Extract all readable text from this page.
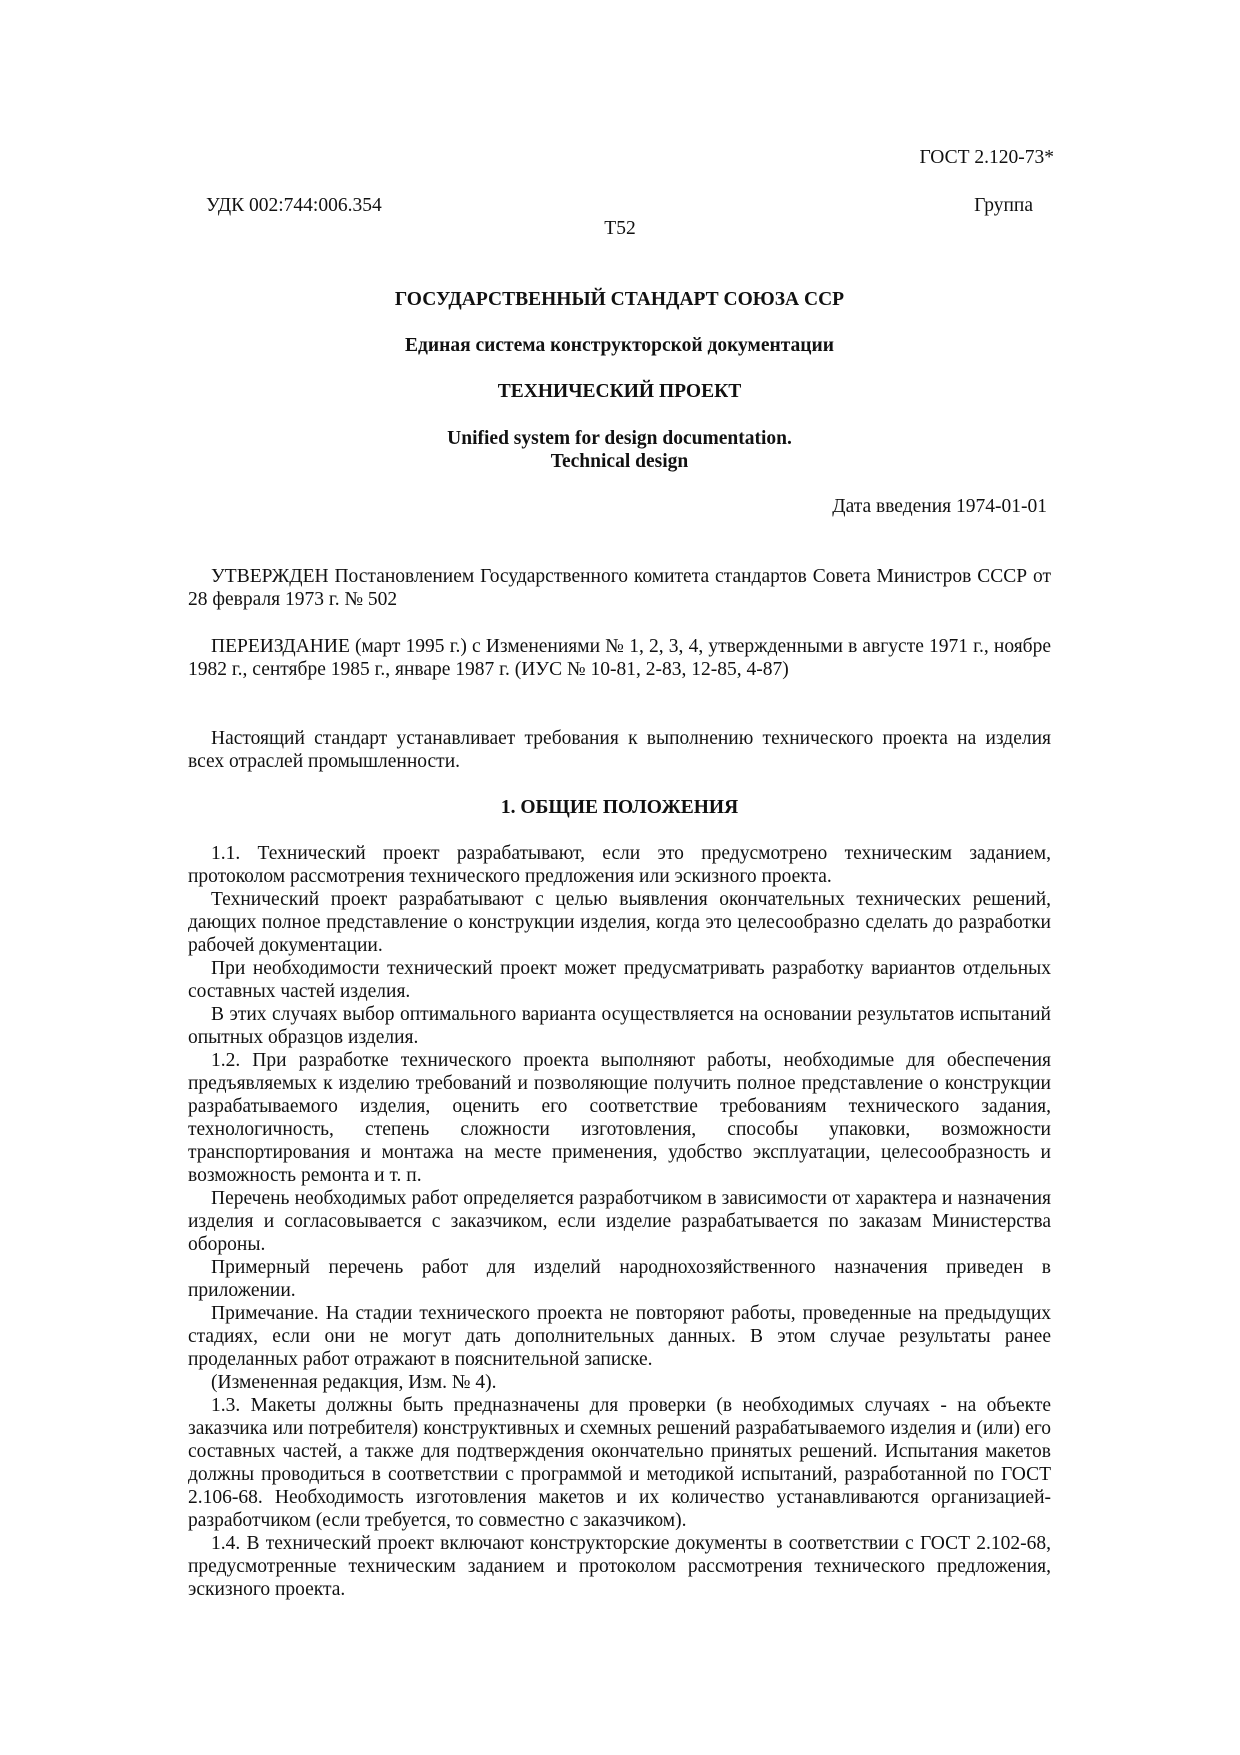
ГОСТ 2.120-73*
УДК 002:744:006.354	Группа
Т52
ГОСУДАРСТВЕННЫЙ СТАНДАРТ СОЮЗА ССР
Единая система конструкторской документации
ТЕХНИЧЕСКИЙ ПРОЕКТ
Unified system for design documentation.
Technical design
Дата введения 1974-01-01

УТВЕРЖДЕН Постановлением Государственного комитета стандартов Совета Министров СССР от 28 февраля 1973 г. № 502

ПЕРЕИЗДАНИЕ (март 1995 г.) с Изменениями № 1, 2, 3, 4, утвержденными в августе 1971 г., ноябре 1982 г., сентябре 1985 г., январе 1987 г. (ИУС № 10-81, 2-83, 12-85, 4-87)

Настоящий стандарт устанавливает требования к выполнению технического проекта на изделия всех отраслей промышленности.

1. ОБЩИЕ ПОЛОЖЕНИЯ

1.1. Технический проект разрабатывают, если это предусмотрено техническим заданием, протоколом рассмотрения технического предложения или эскизного проекта.

Технический проект разрабатывают с целью выявления окончательных технических решений, дающих полное представление о конструкции изделия, когда это целесообразно сделать до разработки рабочей документации.

При необходимости технический проект может предусматривать разработку вариантов отдельных составных частей изделия.

В этих случаях выбор оптимального варианта осуществляется на основании результатов испытаний опытных образцов изделия.

1.2. При разработке технического проекта выполняют работы, необходимые для обеспечения предъявляемых к изделию требований и позволяющие получить полное представление о конструкции разрабатываемого изделия, оценить его соответствие требованиям технического задания, технологичность, степень сложности изготовления, способы упаковки, возможности транспортирования и монтажа на месте применения, удобство эксплуатации, целесообразность и возможность ремонта и т. п.

Перечень необходимых работ определяется разработчиком в зависимости от характера и назначения изделия и согласовывается с заказчиком, если изделие разрабатывается по заказам Министерства обороны.

Примерный перечень работ для изделий народнохозяйственного назначения приведен в приложении.

Примечание. На стадии технического проекта не повторяют работы, проведенные на предыдущих стадиях, если они не могут дать дополнительных данных. В этом случае результаты ранее проделанных работ отражают в пояснительной записке.

(Измененная редакция, Изм. № 4).

1.3. Макеты должны быть предназначены для проверки (в необходимых случаях - на объекте заказчика или потребителя) конструктивных и схемных решений разрабатываемого изделия и (или) его составных частей, а также для подтверждения окончательно принятых решений. Испытания макетов должны проводиться в соответствии с программой и методикой испытаний, разработанной по ГОСТ 2.106-68. Необходимость изготовления макетов и их количество устанавливаются организацией-разработчиком (если требуется, то совместно с заказчиком).

1.4. В технический проект включают конструкторские документы в соответствии с ГОСТ 2.102-68, предусмотренные техническим заданием и протоколом рассмотрения технического предложения, эскизного проекта.
